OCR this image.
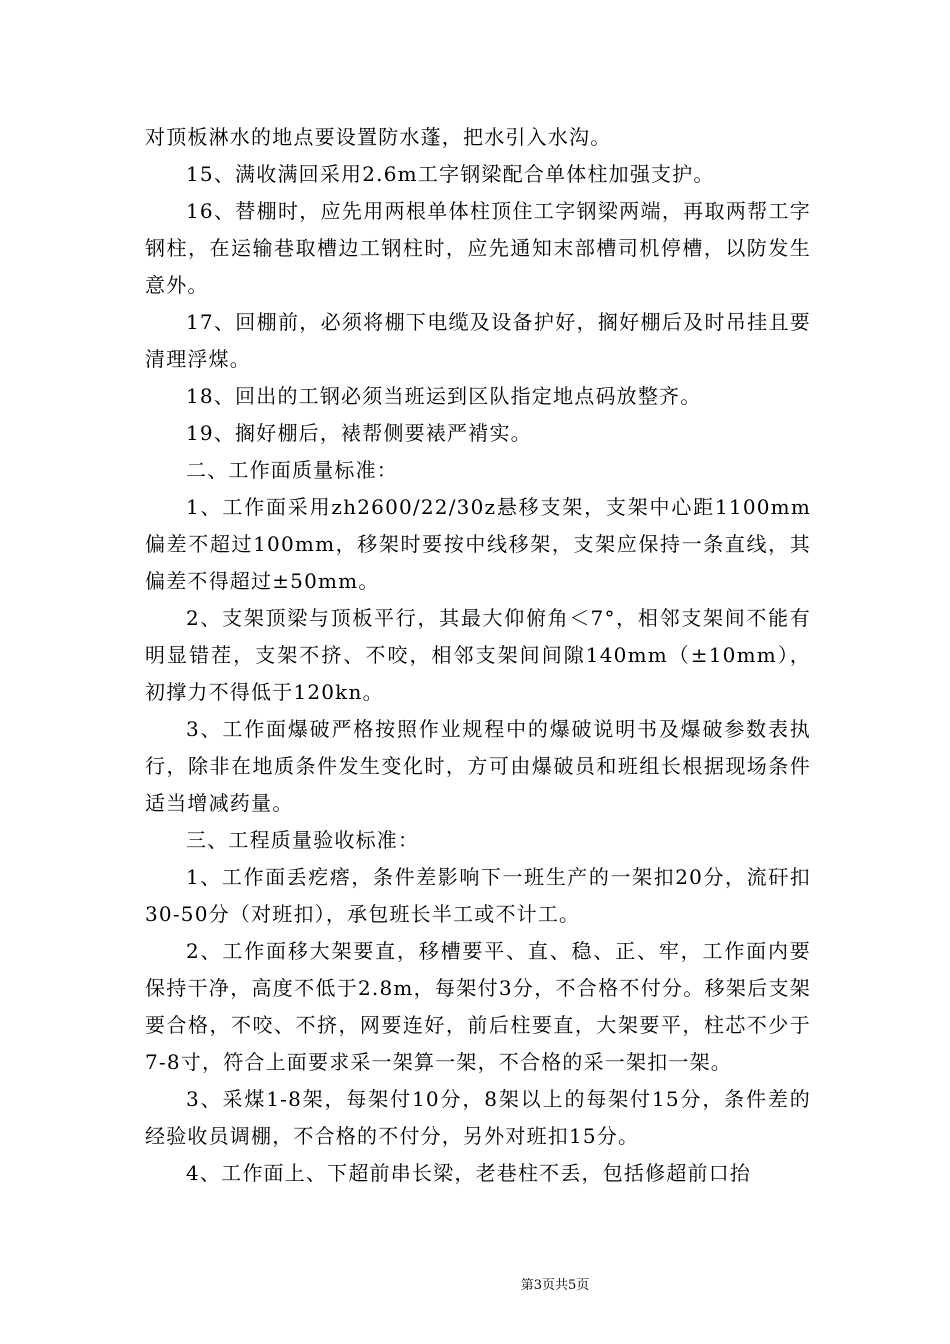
对顶板淋水的地点要设置防水蓬，把水引入水沟。

15、满收满回采用2.6m工字钢梁配合单体柱加强支护。

16、替棚时，应先用两根单体柱顶住工字钢梁两端，再取两帮工字钢柱，在运输巷取槽边工钢柱时，应先通知末部槽司机停槽，以防发生意外。

17、回棚前，必须将棚下电缆及设备护好，搁好棚后及时吊挂且要清理浮煤。

18、回出的工钢必须当班运到区队指定地点码放整齐。

19、搁好棚后，裱帮侧要裱严褙实。

二、工作面质量标准：

1、工作面采用zh2600/22/30z悬移支架，支架中心距1100mm偏差不超过100mm，移架时要按中线移架，支架应保持一条直线，其偏差不得超过±50mm。

2、支架顶梁与顶板平行，其最大仰俯角＜7°，相邻支架间不能有明显错茬，支架不挤、不咬，相邻支架间间隙140mm（±10mm），初撑力不得低于120kn。

3、工作面爆破严格按照作业规程中的爆破说明书及爆破参数表执行，除非在地质条件发生变化时，方可由爆破员和班组长根据现场条件适当增减药量。

三、工程质量验收标准：

1、工作面丢疙瘩，条件差影响下一班生产的一架扣20分，流矸扣30-50分（对班扣），承包班长半工或不计工。

2、工作面移大架要直，移槽要平、直、稳、正、牢，工作面内要保持干净，高度不低于2.8m，每架付3分，不合格不付分。移架后支架要合格，不咬、不挤，网要连好，前后柱要直，大架要平，柱芯不少于7-8寸，符合上面要求采一架算一架，不合格的采一架扣一架。

3、采煤1-8架，每架付10分，8架以上的每架付15分，条件差的经验收员调棚，不合格的不付分，另外对班扣15分。

4、工作面上、下超前串长梁，老巷柱不丢，包括修超前口抬

第3页共5页
